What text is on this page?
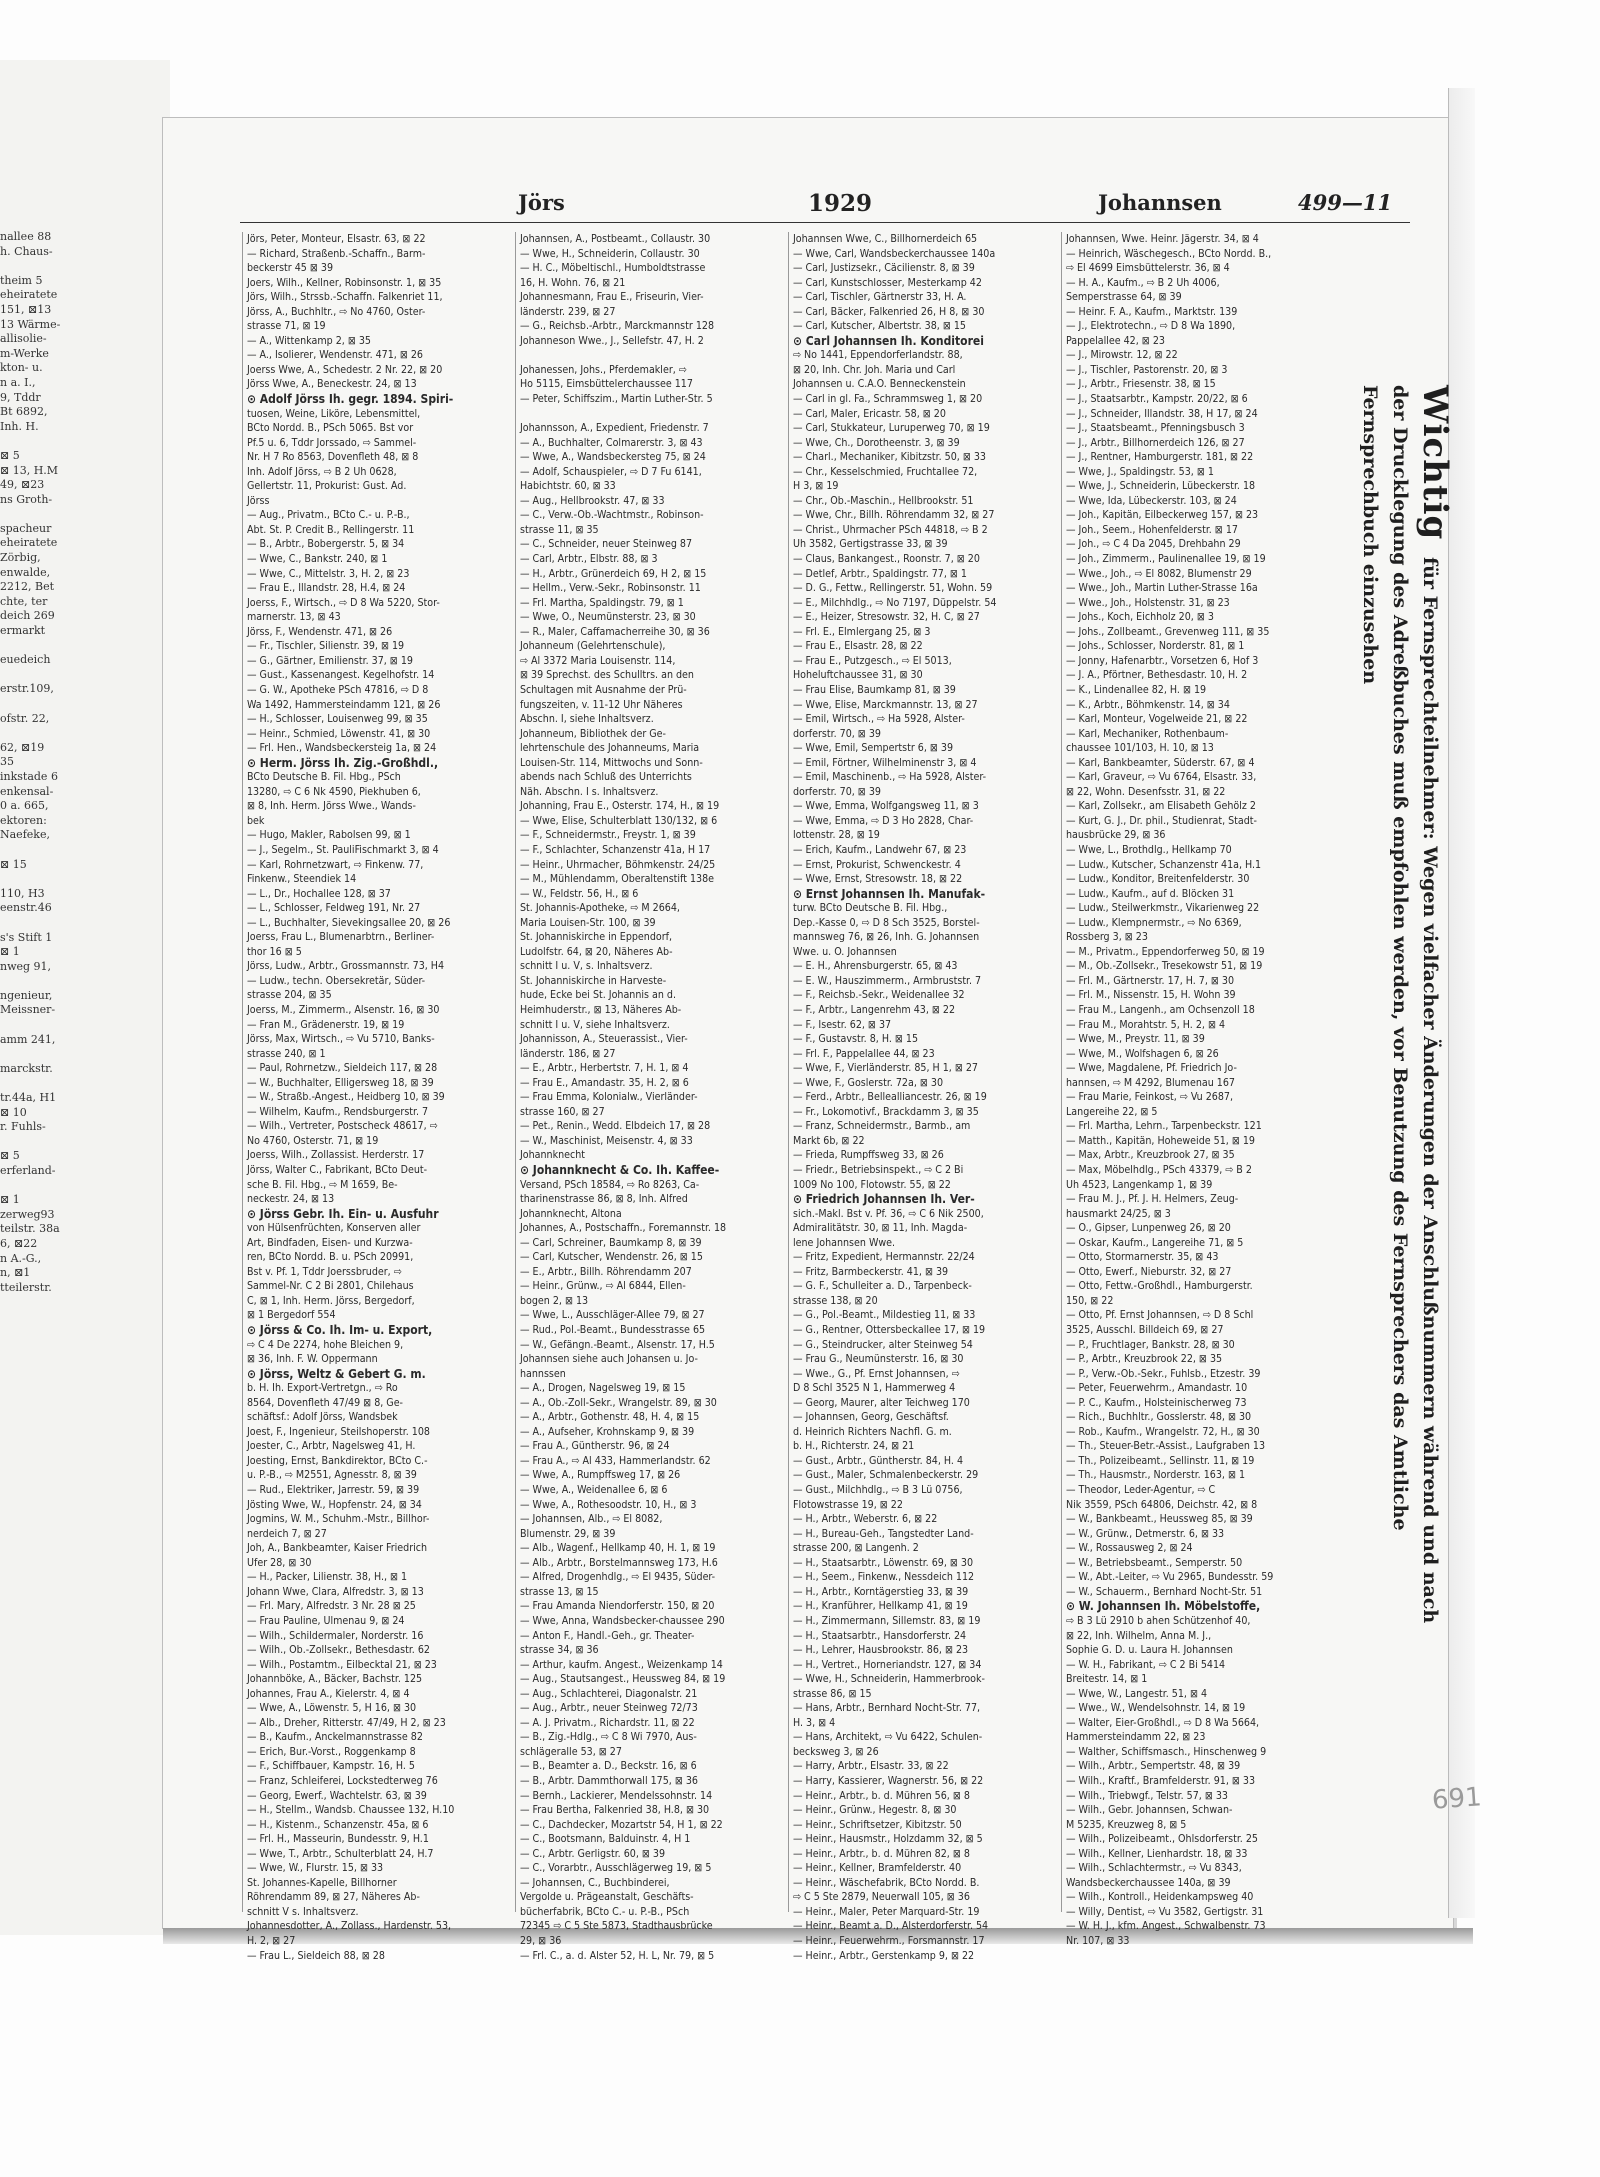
nallee 88
h. Chaus-

theim 5
eheiratete
151, ⊠13
13 Wärme-
allisolie-
m-Werke
kton- u.
n a. I.,
9, Tddr
Bt 6892,
Inh. H.

⊠ 5
⊠ 13, H.M
49, ⊠23
ns Groth-

spacheur
eheiratete
Zörbig,
enwalde,
2212, Bet
chte, ter
deich 269
ermarkt

euedeich

erstr.109,

ofstr. 22,

62, ⊠19
35
inkstade 6
enkensal-
0 a. 665,
ektoren:
Naefeke,

⊠ 15

110, H3
eenstr.46

s's Stift 1
⊠ 1
nweg 91,

ngenieur,
Meissner-

amm 241,

marckstr.

tr.44a, H1
⊠ 10
r. Fuhls-

⊠ 5
erferland-

⊠ 1
zerweg93
teilstr. 38a
6, ⊠22
n A.-G.,
n, ⊠1
tteilerstr.
Jörs	1929	Johannsen	499—11
Jörs, Peter, Monteur, Elsastr. 63, ⊠ 22
— Richard, Straßenb.-Schaffn., Barm-
beckerstr 45 ⊠ 39
Joers, Wilh., Kellner, Robinsonstr. 1, ⊠ 35
Jörs, Wilh., Strssb.-Schaffn. Falkenriet 11,
Jörss, A., Buchhltr., ⇨ No 4760, Oster-
strasse 71, ⊠ 19
— A., Wittenkamp 2, ⊠ 35
— A., Isolierer, Wendenstr. 471, ⊠ 26
Joerss Wwe, A., Schedestr. 2 Nr. 22, ⊠ 20
Jörss Wwe, A., Beneckestr. 24, ⊠ 13
⊙ Adolf Jörss Ih. gegr. 1894. Spiri-
tuosen, Weine, Liköre, Lebensmittel,
BCto Nordd. B., PSch 5065. Bst vor
Pf.5 u. 6, Tddr Jorssado, ⇨ Sammel-
Nr. H 7 Ro 8563, Dovenfleth 48, ⊠ 8
Inh. Adolf Jörss, ⇨ B 2 Uh 0628,
Gellertstr. 11, Prokurist: Gust. Ad.
Jörss
— Aug., Privatm., BCto C.- u. P.-B.,
Abt. St. P. Credit B., Rellingerstr. 11
— B., Arbtr., Bobergerstr. 5, ⊠ 34
— Wwe, C., Bankstr. 240, ⊠ 1
— Wwe, C., Mittelstr. 3, H. 2, ⊠ 23
— Frau E., Illandstr. 28, H.4, ⊠ 24
Joerss, F., Wirtsch., ⇨ D 8 Wa 5220, Stor-
marnerstr. 13, ⊠ 43
Jörss, F., Wendenstr. 471, ⊠ 26
— Fr., Tischler, Silienstr. 39, ⊠ 19
— G., Gärtner, Emilienstr. 37, ⊠ 19
— Gust., Kassenangest. Kegelhofstr. 14
— G. W., Apotheke PSch 47816, ⇨ D 8
Wa 1492, Hammersteindamm 121, ⊠ 26
— H., Schlosser, Louisenweg 99, ⊠ 35
— Heinr., Schmied, Löwenstr. 41, ⊠ 30
— Frl. Hen., Wandsbeckersteig 1a, ⊠ 24
⊙ Herm. Jörss Ih. Zig.-Großhdl.,
BCto Deutsche B. Fil. Hbg., PSch
13280, ⇨ C 6 Nk 4590, Piekhuben 6,
⊠ 8, Inh. Herm. Jörss Wwe., Wands-
bek
— Hugo, Makler, Rabolsen 99, ⊠ 1
— J., Segelm., St. PauliFischmarkt 3, ⊠ 4
— Karl, Rohrnetzwart, ⇨ Finkenw. 77,
Finkenw., Steendiek 14
— L., Dr., Hochallee 128, ⊠ 37
— L., Schlosser, Feldweg 191, Nr. 27
— L., Buchhalter, Sievekingsallee 20, ⊠ 26
Joerss, Frau L., Blumenarbtrn., Berliner-
thor 16 ⊠ 5
Jörss, Ludw., Arbtr., Grossmannstr. 73, H4
— Ludw., techn. Obersekretär, Süder-
strasse 204, ⊠ 35
Joerss, M., Zimmerm., Alsenstr. 16, ⊠ 30
— Fran M., Grädenerstr. 19, ⊠ 19
Jörss, Max, Wirtsch., ⇨ Vu 5710, Banks-
strasse 240, ⊠ 1
— Paul, Rohrnetzw., Sieldeich 117, ⊠ 28
— W., Buchhalter, Elligersweg 18, ⊠ 39
— W., Straßb.-Angest., Heidberg 10, ⊠ 39
— Wilhelm, Kaufm., Rendsburgerstr. 7
— Wilh., Vertreter, Postscheck 48617, ⇨
No 4760, Osterstr. 71, ⊠ 19
Joerss, Wilh., Zollassist. Herderstr. 17
Jörss, Walter C., Fabrikant, BCto Deut-
sche B. Fil. Hbg., ⇨ M 1659, Be-
neckestr. 24, ⊠ 13
⊙ Jörss Gebr. Ih. Ein- u. Ausfuhr
von Hülsenfrüchten, Konserven aller
Art, Bindfaden, Eisen- und Kurzwa-
ren, BCto Nordd. B. u. PSch 20991,
Bst v. Pf. 1, Tddr Joerssbruder, ⇨
Sammel-Nr. C 2 Bi 2801, Chilehaus
C, ⊠ 1, Inh. Herm. Jörss, Bergedorf,
⊠ 1 Bergedorf 554
⊙ Jörss & Co. Ih. Im- u. Export,
⇨ C 4 De 2274, hohe Bleichen 9,
⊠ 36, Inh. F. W. Oppermann
⊙ Jörss, Weltz & Gebert G. m.
b. H. Ih. Export-Vertretgn., ⇨ Ro
8564, Dovenfleth 47/49 ⊠ 8, Ge-
schäftsf.: Adolf Jörss, Wandsbek
Joest, F., Ingenieur, Steilshoperstr. 108
Joester, C., Arbtr, Nagelsweg 41, H.
Joesting, Ernst, Bankdirektor, BCto C.-
u. P.-B., ⇨ M2551, Agnesstr. 8, ⊠ 39
— Rud., Elektriker, Jarrestr. 59, ⊠ 39
Jösting Wwe, W., Hopfenstr. 24, ⊠ 34
Jogmins, W. M., Schuhm.-Mstr., Billhor-
nerdeich 7, ⊠ 27
Joh, A., Bankbeamter, Kaiser Friedrich
Ufer 28, ⊠ 30
— H., Packer, Lilienstr. 38, H., ⊠ 1
Johann Wwe, Clara, Alfredstr. 3, ⊠ 13
— Frl. Mary, Alfredstr. 3 Nr. 28 ⊠ 25
— Frau Pauline, Ulmenau 9, ⊠ 24
— Wilh., Schildermaler, Norderstr. 16
— Wilh., Ob.-Zollsekr., Bethesdastr. 62
— Wilh., Postamtm., Eilbecktal 21, ⊠ 23
Johannböke, A., Bäcker, Bachstr. 125
Johannes, Frau A., Kielerstr. 4, ⊠ 4
— Wwe, A., Löwenstr. 5, H 16, ⊠ 30
— Alb., Dreher, Ritterstr. 47/49, H 2, ⊠ 23
— B., Kaufm., Anckelmannstrasse 82
— Erich, Bur.-Vorst., Roggenkamp 8
— F., Schiffbauer, Kampstr. 16, H. 5
— Franz, Schleiferei, Lockstedterweg 76
— Georg, Ewerf., Wachtelstr. 63, ⊠ 39
— H., Stellm., Wandsb. Chaussee 132, H.10
— H., Kistenm., Schanzenstr. 45a, ⊠ 6
— Frl. H., Masseurin, Bundesstr. 9, H.1
— Wwe, T., Arbtr., Schulterblatt 24, H.7
— Wwe, W., Flurstr. 15, ⊠ 33
St. Johannes-Kapelle, Billhorner
Röhrendamm 89, ⊠ 27, Näheres Ab-
schnitt V s. Inhaltsverz.
Johannesdotter, A., Zollass., Hardenstr. 53,
H. 2, ⊠ 27
— Frau L., Sieldeich 88, ⊠ 28
Johannsen, A., Postbeamt., Collaustr. 30
— Wwe, H., Schneiderin, Collaustr. 30
— H. C., Möbeltischl., Humboldtstrasse
16, H. Wohn. 76, ⊠ 21
Johannesmann, Frau E., Friseurin, Vier-
länderstr. 239, ⊠ 27
— G., Reichsb.-Arbtr., Marckmannstr 128
Johanneson Wwe., J., Sellefstr. 47, H. 2

Johanessen, Johs., Pferdemakler, ⇨
Ho 5115, Eimsbüttelerchaussee 117
— Peter, Schiffszim., Martin Luther-Str. 5

Johannsson, A., Expedient, Friedenstr. 7
— A., Buchhalter, Colmarerstr. 3, ⊠ 43
— Wwe, A., Wandsbeckersteg 75, ⊠ 24
— Adolf, Schauspieler, ⇨ D 7 Fu 6141,
Habichtstr. 60, ⊠ 33
— Aug., Hellbrookstr. 47, ⊠ 33
— C., Verw.-Ob.-Wachtmstr., Robinson-
strasse 11, ⊠ 35
— C., Schneider, neuer Steinweg 87
— Carl, Arbtr., Elbstr. 88, ⊠ 3
— H., Arbtr., Grünerdeich 69, H 2, ⊠ 15
— Hellm., Verw.-Sekr., Robinsonstr. 11
— Frl. Martha, Spaldingstr. 79, ⊠ 1
— Wwe, O., Neumünsterstr. 23, ⊠ 30
— R., Maler, Caffamacherreihe 30, ⊠ 36
Johanneum (Gelehrtenschule),
⇨ Al 3372 Maria Louisenstr. 114,
⊠ 39 Sprechst. des Schulltrs. an den
Schultagen mit Ausnahme der Prü-
fungszeiten, v. 11-12 Uhr Näheres
Abschn. I, siehe Inhaltsverz.
Johanneum, Bibliothek der Ge-
lehrtenschule des Johanneums, Maria
Louisen-Str. 114, Mittwochs und Sonn-
abends nach Schluß des Unterrichts
Näh. Abschn. I s. Inhaltsverz.
Johanning, Frau E., Osterstr. 174, H., ⊠ 19
— Wwe, Elise, Schulterblatt 130/132, ⊠ 6
— F., Schneidermstr., Freystr. 1, ⊠ 39
— F., Schlachter, Schanzenstr 41a, H 17
— Heinr., Uhrmacher, Böhmkenstr. 24/25
— M., Mühlendamm, Oberaltenstift 138e
— W., Feldstr. 56, H., ⊠ 6
St. Johannis-Apotheke, ⇨ M 2664,
Maria Louisen-Str. 100, ⊠ 39
St. Johanniskirche in Eppendorf,
Ludolfstr. 64, ⊠ 20, Näheres Ab-
schnitt I u. V, s. Inhaltsverz.
St. Johanniskirche in Harveste-
hude, Ecke bei St. Johannis an d.
Heimhuderstr., ⊠ 13, Näheres Ab-
schnitt I u. V, siehe Inhaltsverz.
Johannisson, A., Steuerassist., Vier-
länderstr. 186, ⊠ 27
— E., Arbtr., Herbertstr. 7, H. 1, ⊠ 4
— Frau E., Amandastr. 35, H. 2, ⊠ 6
— Frau Emma, Kolonialw., Vierländer-
strasse 160, ⊠ 27
— Pet., Renin., Wedd. Elbdeich 17, ⊠ 28
— W., Maschinist, Meisenstr. 4, ⊠ 33
Johannknecht
⊙ Johannknecht & Co. Ih. Kaffee-
Versand, PSch 18584, ⇨ Ro 8263, Ca-
tharinenstrasse 86, ⊠ 8, Inh. Alfred
Johannknecht, Altona
Johannes, A., Postschaffn., Foremannstr. 18
— Carl, Schreiner, Baumkamp 8, ⊠ 39
— Carl, Kutscher, Wendenstr. 26, ⊠ 15
— E., Arbtr., Billh. Röhrendamm 207
— Heinr., Grünw., ⇨ Al 6844, Ellen-
bogen 2, ⊠ 13
— Wwe, L., Ausschläger-Allee 79, ⊠ 27
— Rud., Pol.-Beamt., Bundesstrasse 65
— W., Gefängn.-Beamt., Alsenstr. 17, H.5
Johannsen siehe auch Johansen u. Jo-
hannssen
— A., Drogen, Nagelsweg 19, ⊠ 15
— A., Ob.-Zoll-Sekr., Wrangelstr. 89, ⊠ 30
— A., Arbtr., Gothenstr. 48, H. 4, ⊠ 15
— A., Aufseher, Krohnskamp 9, ⊠ 39
— Frau A., Güntherstr. 96, ⊠ 24
— Frau A., ⇨ Al 433, Hammerlandstr. 62
— Wwe, A., Rumpffsweg 17, ⊠ 26
— Wwe, A., Weidenallee 6, ⊠ 6
— Wwe, A., Rothesoodstr. 10, H., ⊠ 3
— Johannsen, Alb., ⇨ El 8082,
Blumenstr. 29, ⊠ 39
— Alb., Wagenf., Hellkamp 40, H. 1, ⊠ 19
— Alb., Arbtr., Borstelmannsweg 173, H.6
— Alfred, Drogenhdlg., ⇨ El 9435, Süder-
strasse 13, ⊠ 15
— Frau Amanda Niendorferstr. 150, ⊠ 20
— Wwe, Anna, Wandsbecker-chaussee 290
— Anton F., Handl.-Geh., gr. Theater-
strasse 34, ⊠ 36
— Arthur, kaufm. Angest., Weizenkamp 14
— Aug., Stautsangest., Heussweg 84, ⊠ 19
— Aug., Schlachterei, Diagonalstr. 21
— Aug., Arbtr., neuer Steinweg 72/73
— A. J. Privatm., Richardstr. 11, ⊠ 22
— B., Zig.-Hdlg., ⇨ C 8 Wi 7970, Aus-
schlägeralle 53, ⊠ 27
— B., Beamter a. D., Beckstr. 16, ⊠ 6
— B., Arbtr. Dammthorwall 175, ⊠ 36
— Bernh., Lackierer, Mendelssohnstr. 14
— Frau Bertha, Falkenried 38, H.8, ⊠ 30
— C., Dachdecker, Mozartstr 54, H 1, ⊠ 22
— C., Bootsmann, Balduinstr. 4, H 1
— C., Arbtr. Gerligstr. 60, ⊠ 39
— C., Vorarbtr., Ausschlägerweg 19, ⊠ 5
— Johannsen, C., Buchbinderei,
Vergolde u. Prägeanstalt, Geschäfts-
bücherfabrik, BCto C.- u. P.-B., PSch
72345 ⇨ C 5 Ste 5873, Stadthausbrücke
29, ⊠ 36
— Frl. C., a. d. Alster 52, H. L, Nr. 79, ⊠ 5
Johannsen Wwe, C., Billhornerdeich 65
— Wwe, Carl, Wandsbeckerchaussee 140a
— Carl, Justizsekr., Cäcilienstr. 8, ⊠ 39
— Carl, Kunstschlosser, Mesterkamp 42
— Carl, Tischler, Gärtnerstr 33, H. A.
— Carl, Bäcker, Falkenried 26, H 8, ⊠ 30
— Carl, Kutscher, Albertstr. 38, ⊠ 15
⊙ Carl Johannsen Ih. Konditorei
⇨ No 1441, Eppendorferlandstr. 88,
⊠ 20, Inh. Chr. Joh. Maria und Carl
Johannsen u. C.A.O. Benneckenstein
— Carl in gl. Fa., Schrammsweg 1, ⊠ 20
— Carl, Maler, Ericastr. 58, ⊠ 20
— Carl, Stukkateur, Luruperweg 70, ⊠ 19
— Wwe, Ch., Dorotheenstr. 3, ⊠ 39
— Charl., Mechaniker, Kibitzstr. 50, ⊠ 33
— Chr., Kesselschmied, Fruchtallee 72,
H 3, ⊠ 19
— Chr., Ob.-Maschin., Hellbrookstr. 51
— Wwe, Chr., Billh. Röhrendamm 32, ⊠ 27
— Christ., Uhrmacher PSch 44818, ⇨ B 2
Uh 3582, Gertigstrasse 33, ⊠ 39
— Claus, Bankangest., Roonstr. 7, ⊠ 20
— Detlef, Arbtr., Spaldingstr. 77, ⊠ 1
— D. G., Fettw., Rellingerstr. 51, Wohn. 59
— E., Milchhdlg., ⇨ No 7197, Düppelstr. 54
— E., Heizer, Stresowstr. 32, H. C, ⊠ 27
— Frl. E., Elmlergang 25, ⊠ 3
— Frau E., Elsastr. 28, ⊠ 22
— Frau E., Putzgesch., ⇨ El 5013,
Hoheluftchaussee 31, ⊠ 30
— Frau Elise, Baumkamp 81, ⊠ 39
— Wwe, Elise, Marckmannstr. 13, ⊠ 27
— Emil, Wirtsch., ⇨ Ha 5928, Alster-
dorferstr. 70, ⊠ 39
— Wwe, Emil, Sempertstr 6, ⊠ 39
— Emil, Förtner, Wilhelminenstr 3, ⊠ 4
— Emil, Maschinenb., ⇨ Ha 5928, Alster-
dorferstr. 70, ⊠ 39
— Wwe, Emma, Wolfgangsweg 11, ⊠ 3
— Wwe, Emma, ⇨ D 3 Ho 2828, Char-
lottenstr. 28, ⊠ 19
— Erich, Kaufm., Landwehr 67, ⊠ 23
— Ernst, Prokurist, Schwenckestr. 4
— Wwe, Ernst, Stresowstr. 18, ⊠ 22
⊙ Ernst Johannsen Ih. Manufak-
turw. BCto Deutsche B. Fil. Hbg.,
Dep.-Kasse 0, ⇨ D 8 Sch 3525, Borstel-
mannsweg 76, ⊠ 26, Inh. G. Johannsen
Wwe. u. O. Johannsen
— E. H., Ahrensburgerstr. 65, ⊠ 43
— E. W., Hauszimmerm., Armbruststr. 7
— F., Reichsb.-Sekr., Weidenallee 32
— F., Arbtr., Langenrehm 43, ⊠ 22
— F., Isestr. 62, ⊠ 37
— F., Gustavstr. 8, H. ⊠ 15
— Frl. F., Pappelallee 44, ⊠ 23
— Wwe, F., Vierländerstr. 85, H 1, ⊠ 27
— Wwe, F., Goslerstr. 72a, ⊠ 30
— Ferd., Arbtr., Bellealliancestr. 26, ⊠ 19
— Fr., Lokomotivf., Brackdamm 3, ⊠ 35
— Franz, Schneidermstr., Barmb., am
Markt 6b, ⊠ 22
— Frieda, Rumpffsweg 33, ⊠ 26
— Friedr., Betriebsinspekt., ⇨ C 2 Bi
1009 No 100, Flotowstr. 55, ⊠ 22
⊙ Friedrich Johannsen Ih. Ver-
sich.-Makl. Bst v. Pf. 36, ⇨ C 6 Nik 2500,
Admiralitätstr. 30, ⊠ 11, Inh. Magda-
lene Johannsen Wwe.
— Fritz, Expedient, Hermannstr. 22/24
— Fritz, Barmbeckerstr. 41, ⊠ 39
— G. F., Schulleiter a. D., Tarpenbeck-
strasse 138, ⊠ 20
— G., Pol.-Beamt., Mildestieg 11, ⊠ 33
— G., Rentner, Ottersbeckallee 17, ⊠ 19
— G., Steindrucker, alter Steinweg 54
— Frau G., Neumünsterstr. 16, ⊠ 30
— Wwe., G., Pf. Ernst Johannsen, ⇨
D 8 Schl 3525 N 1, Hammerweg 4
— Georg, Maurer, alter Teichweg 170
— Johannsen, Georg, Geschäftsf.
d. Heinrich Richters Nachfl. G. m.
b. H., Richterstr. 24, ⊠ 21
— Gust., Arbtr., Güntherstr. 84, H. 4
— Gust., Maler, Schmalenbeckerstr. 29
— Gust., Milchhdlg., ⇨ B 3 Lü 0756,
Flotowstrasse 19, ⊠ 22
— H., Arbtr., Weberstr. 6, ⊠ 22
— H., Bureau-Geh., Tangstedter Land-
strasse 200, ⊠ Langenh. 2
— H., Staatsarbtr., Löwenstr. 69, ⊠ 30
— H., Seem., Finkenw., Nessdeich 112
— H., Arbtr., Korntägerstieg 33, ⊠ 39
— H., Kranführer, Hellkamp 41, ⊠ 19
— H., Zimmermann, Sillemstr. 83, ⊠ 19
— H., Staatsarbtr., Hansdorferstr. 24
— H., Lehrer, Hausbrookstr. 86, ⊠ 23
— H., Vertret., Horneriandstr. 127, ⊠ 34
— Wwe, H., Schneiderin, Hammerbrook-
strasse 86, ⊠ 15
— Hans, Arbtr., Bernhard Nocht-Str. 77,
H. 3, ⊠ 4
— Hans, Architekt, ⇨ Vu 6422, Schulen-
becksweg 3, ⊠ 26
— Harry, Arbtr., Elsastr. 33, ⊠ 22
— Harry, Kassierer, Wagnerstr. 56, ⊠ 22
— Heinr., Arbtr., b. d. Mühren 56, ⊠ 8
— Heinr., Grünw., Hegestr. 8, ⊠ 30
— Heinr., Schriftsetzer, Kibitzstr. 50
— Heinr., Hausmstr., Holzdamm 32, ⊠ 5
— Heinr., Arbtr., b. d. Mühren 82, ⊠ 8
— Heinr., Kellner, Bramfelderstr. 40
— Heinr., Wäschefabrik, BCto Nordd. B.
⇨ C 5 Ste 2879, Neuerwall 105, ⊠ 36
— Heinr., Maler, Peter Marquard-Str. 19
— Heinr., Beamt a. D., Alsterdorferstr. 54
— Heinr., Feuerwehrm., Forsmannstr. 17
— Heinr., Arbtr., Gerstenkamp 9, ⊠ 22
Johannsen, Wwe. Heinr. Jägerstr. 34, ⊠ 4
— Heinrich, Wäschegesch., BCto Nordd. B.,
⇨ El 4699 Eimsbüttelerstr. 36, ⊠ 4
— H. A., Kaufm., ⇨ B 2 Uh 4006,
Semperstrasse 64, ⊠ 39
— Heinr. F. A., Kaufm., Marktstr. 139
— J., Elektrotechn., ⇨ D 8 Wa 1890,
Pappelallee 42, ⊠ 23
— J., Mirowstr. 12, ⊠ 22
— J., Tischler, Pastorenstr. 20, ⊠ 3
— J., Arbtr., Friesenstr. 38, ⊠ 15
— J., Staatsarbtr., Kampstr. 20/22, ⊠ 6
— J., Schneider, Illandstr. 38, H 17, ⊠ 24
— J., Staatsbeamt., Pfenningsbusch 3
— J., Arbtr., Billhornerdeich 126, ⊠ 27
— J., Rentner, Hamburgerstr. 181, ⊠ 22
— Wwe, J., Spaldingstr. 53, ⊠ 1
— Wwe, J., Schneiderin, Lübeckerstr. 18
— Wwe, Ida, Lübeckerstr. 103, ⊠ 24
— Joh., Kapitän, Eilbeckerweg 157, ⊠ 23
— Joh., Seem., Hohenfelderstr. ⊠ 17
— Joh., ⇨ C 4 Da 2045, Drehbahn 29
— Joh., Zimmerm., Paulinenallee 19, ⊠ 19
— Wwe., Joh., ⇨ El 8082, Blumenstr 29
— Wwe., Joh., Martin Luther-Strasse 16a
— Wwe., Joh., Holstenstr. 31, ⊠ 23
— Johs., Koch, Eichholz 20, ⊠ 3
— Johs., Zollbeamt., Grevenweg 111, ⊠ 35
— Johs., Schlosser, Norderstr. 81, ⊠ 1
— Jonny, Hafenarbtr., Vorsetzen 6, Hof 3
— J. A., Pförtner, Bethesdastr. 10, H. 2
— K., Lindenallee 82, H. ⊠ 19
— K., Arbtr., Böhmkenstr. 14, ⊠ 34
— Karl, Monteur, Vogelweide 21, ⊠ 22
— Karl, Mechaniker, Rothenbaum-
chaussee 101/103, H. 10, ⊠ 13
— Karl, Bankbeamter, Süderstr. 67, ⊠ 4
— Karl, Graveur, ⇨ Vu 6764, Elsastr. 33,
⊠ 22, Wohn. Desenfsstr. 31, ⊠ 22
— Karl, Zollsekr., am Elisabeth Gehölz 2
— Kurt, G. J., Dr. phil., Studienrat, Stadt-
hausbrücke 29, ⊠ 36
— Wwe, L., Brothdlg., Hellkamp 70
— Ludw., Kutscher, Schanzenstr 41a, H.1
— Ludw., Konditor, Breitenfelderstr. 30
— Ludw., Kaufm., auf d. Blöcken 31
— Ludw., Steilwerkmstr., Vikarienweg 22
— Ludw., Klempnermstr., ⇨ No 6369,
Rossberg 3, ⊠ 23
— M., Privatm., Eppendorferweg 50, ⊠ 19
— M., Ob.-Zollsekr., Tresekowstr 51, ⊠ 19
— Frl. M., Gärtnerstr. 17, H. 7, ⊠ 30
— Frl. M., Nissenstr. 15, H. Wohn 39
— Frau M., Langenh., am Ochsenzoll 18
— Frau M., Morahtstr. 5, H. 2, ⊠ 4
— Wwe, M., Preystr. 11, ⊠ 39
— Wwe, M., Wolfshagen 6, ⊠ 26
— Wwe, Magdalene, Pf. Friedrich Jo-
hannsen, ⇨ M 4292, Blumenau 167
— Frau Marie, Feinkost, ⇨ Vu 2687,
Langereihe 22, ⊠ 5
— Frl. Martha, Lehrn., Tarpenbeckstr. 121
— Matth., Kapitän, Hoheweide 51, ⊠ 19
— Max, Arbtr., Kreuzbrook 27, ⊠ 35
— Max, Möbelhdlg., PSch 43379, ⇨ B 2
Uh 4523, Langenkamp 1, ⊠ 39
— Frau M. J., Pf. J. H. Helmers, Zeug-
hausmarkt 24/25, ⊠ 3
— O., Gipser, Lunpenweg 26, ⊠ 20
— Oskar, Kaufm., Langereihe 71, ⊠ 5
— Otto, Stormarnerstr. 35, ⊠ 43
— Otto, Ewerf., Nieburstr. 32, ⊠ 27
— Otto, Fettw.-Großhdl., Hamburgerstr.
150, ⊠ 22
— Otto, Pf. Ernst Johannsen, ⇨ D 8 Schl
3525, Ausschl. Billdeich 69, ⊠ 27
— P., Fruchtlager, Bankstr. 28, ⊠ 30
— P., Arbtr., Kreuzbrook 22, ⊠ 35
— P., Verw.-Ob.-Sekr., Fuhlsb., Etzestr. 39
— Peter, Feuerwehrm., Amandastr. 10
— P. C., Kaufm., Holsteinischerweg 73
— Rich., Buchhltr., Gosslerstr. 48, ⊠ 30
— Rob., Kaufm., Wrangelstr. 72, H., ⊠ 30
— Th., Steuer-Betr.-Assist., Laufgraben 13
— Th., Polizeibeamt., Sellinstr. 11, ⊠ 19
— Th., Hausmstr., Norderstr. 163, ⊠ 1
— Theodor, Leder-Agentur, ⇨ C
Nik 3559, PSch 64806, Deichstr. 42, ⊠ 8
— W., Bankbeamt., Heussweg 85, ⊠ 39
— W., Grünw., Detmerstr. 6, ⊠ 33
— W., Rossausweg 2, ⊠ 24
— W., Betriebsbeamt., Semperstr. 50
— W., Abt.-Leiter, ⇨ Vu 2965, Bundesstr. 59
— W., Schauerm., Bernhard Nocht-Str. 51
⊙ W. Johannsen Ih. Möbelstoffe,
⇨ B 3 Lü 2910 b ahen Schützenhof 40,
⊠ 22, Inh. Wilhelm, Anna M. J.,
Sophie G. D. u. Laura H. Johannsen
— W. H., Fabrikant, ⇨ C 2 Bi 5414
Breitestr. 14, ⊠ 1
— Wwe, W., Langestr. 51, ⊠ 4
— Wwe., W., Wendelsohnstr. 14, ⊠ 19
— Walter, Eier-Großhdl., ⇨ D 8 Wa 5664,
Hammersteindamm 22, ⊠ 23
— Walther, Schiffsmasch., Hinschenweg 9
— Wilh., Arbtr., Sempertstr. 48, ⊠ 39
— Wilh., Kraftf., Bramfelderstr. 91, ⊠ 33
— Wilh., Triebwgf., Telstr. 57, ⊠ 33
— Wilh., Gebr. Johannsen, Schwan-
M 5235, Kreuzweg 8, ⊠ 5
— Wilh., Polizeibeamt., Ohlsdorferstr. 25
— Wilh., Kellner, Lienhardstr. 18, ⊠ 33
— Wilh., Schlachtermstr., ⇨ Vu 8343,
Wandsbeckerchaussee 140a, ⊠ 39
— Wilh., Kontroll., Heidenkampsweg 40
— Willy, Dentist, ⇨ Vu 3582, Gertigstr. 31
— W. H. J., kfm. Angest., Schwalbenstr. 73
Nr. 107, ⊠ 33
Wichtig für Fernsprechteilnehmer: Wegen vielfacher Änderungen der Anschlußnummern während und nach der Drucklegung des Adreßbuches muß empfohlen werden, vor Benutzung des Fernsprechers das Amtliche Fernsprechbuch einzusehen
691
